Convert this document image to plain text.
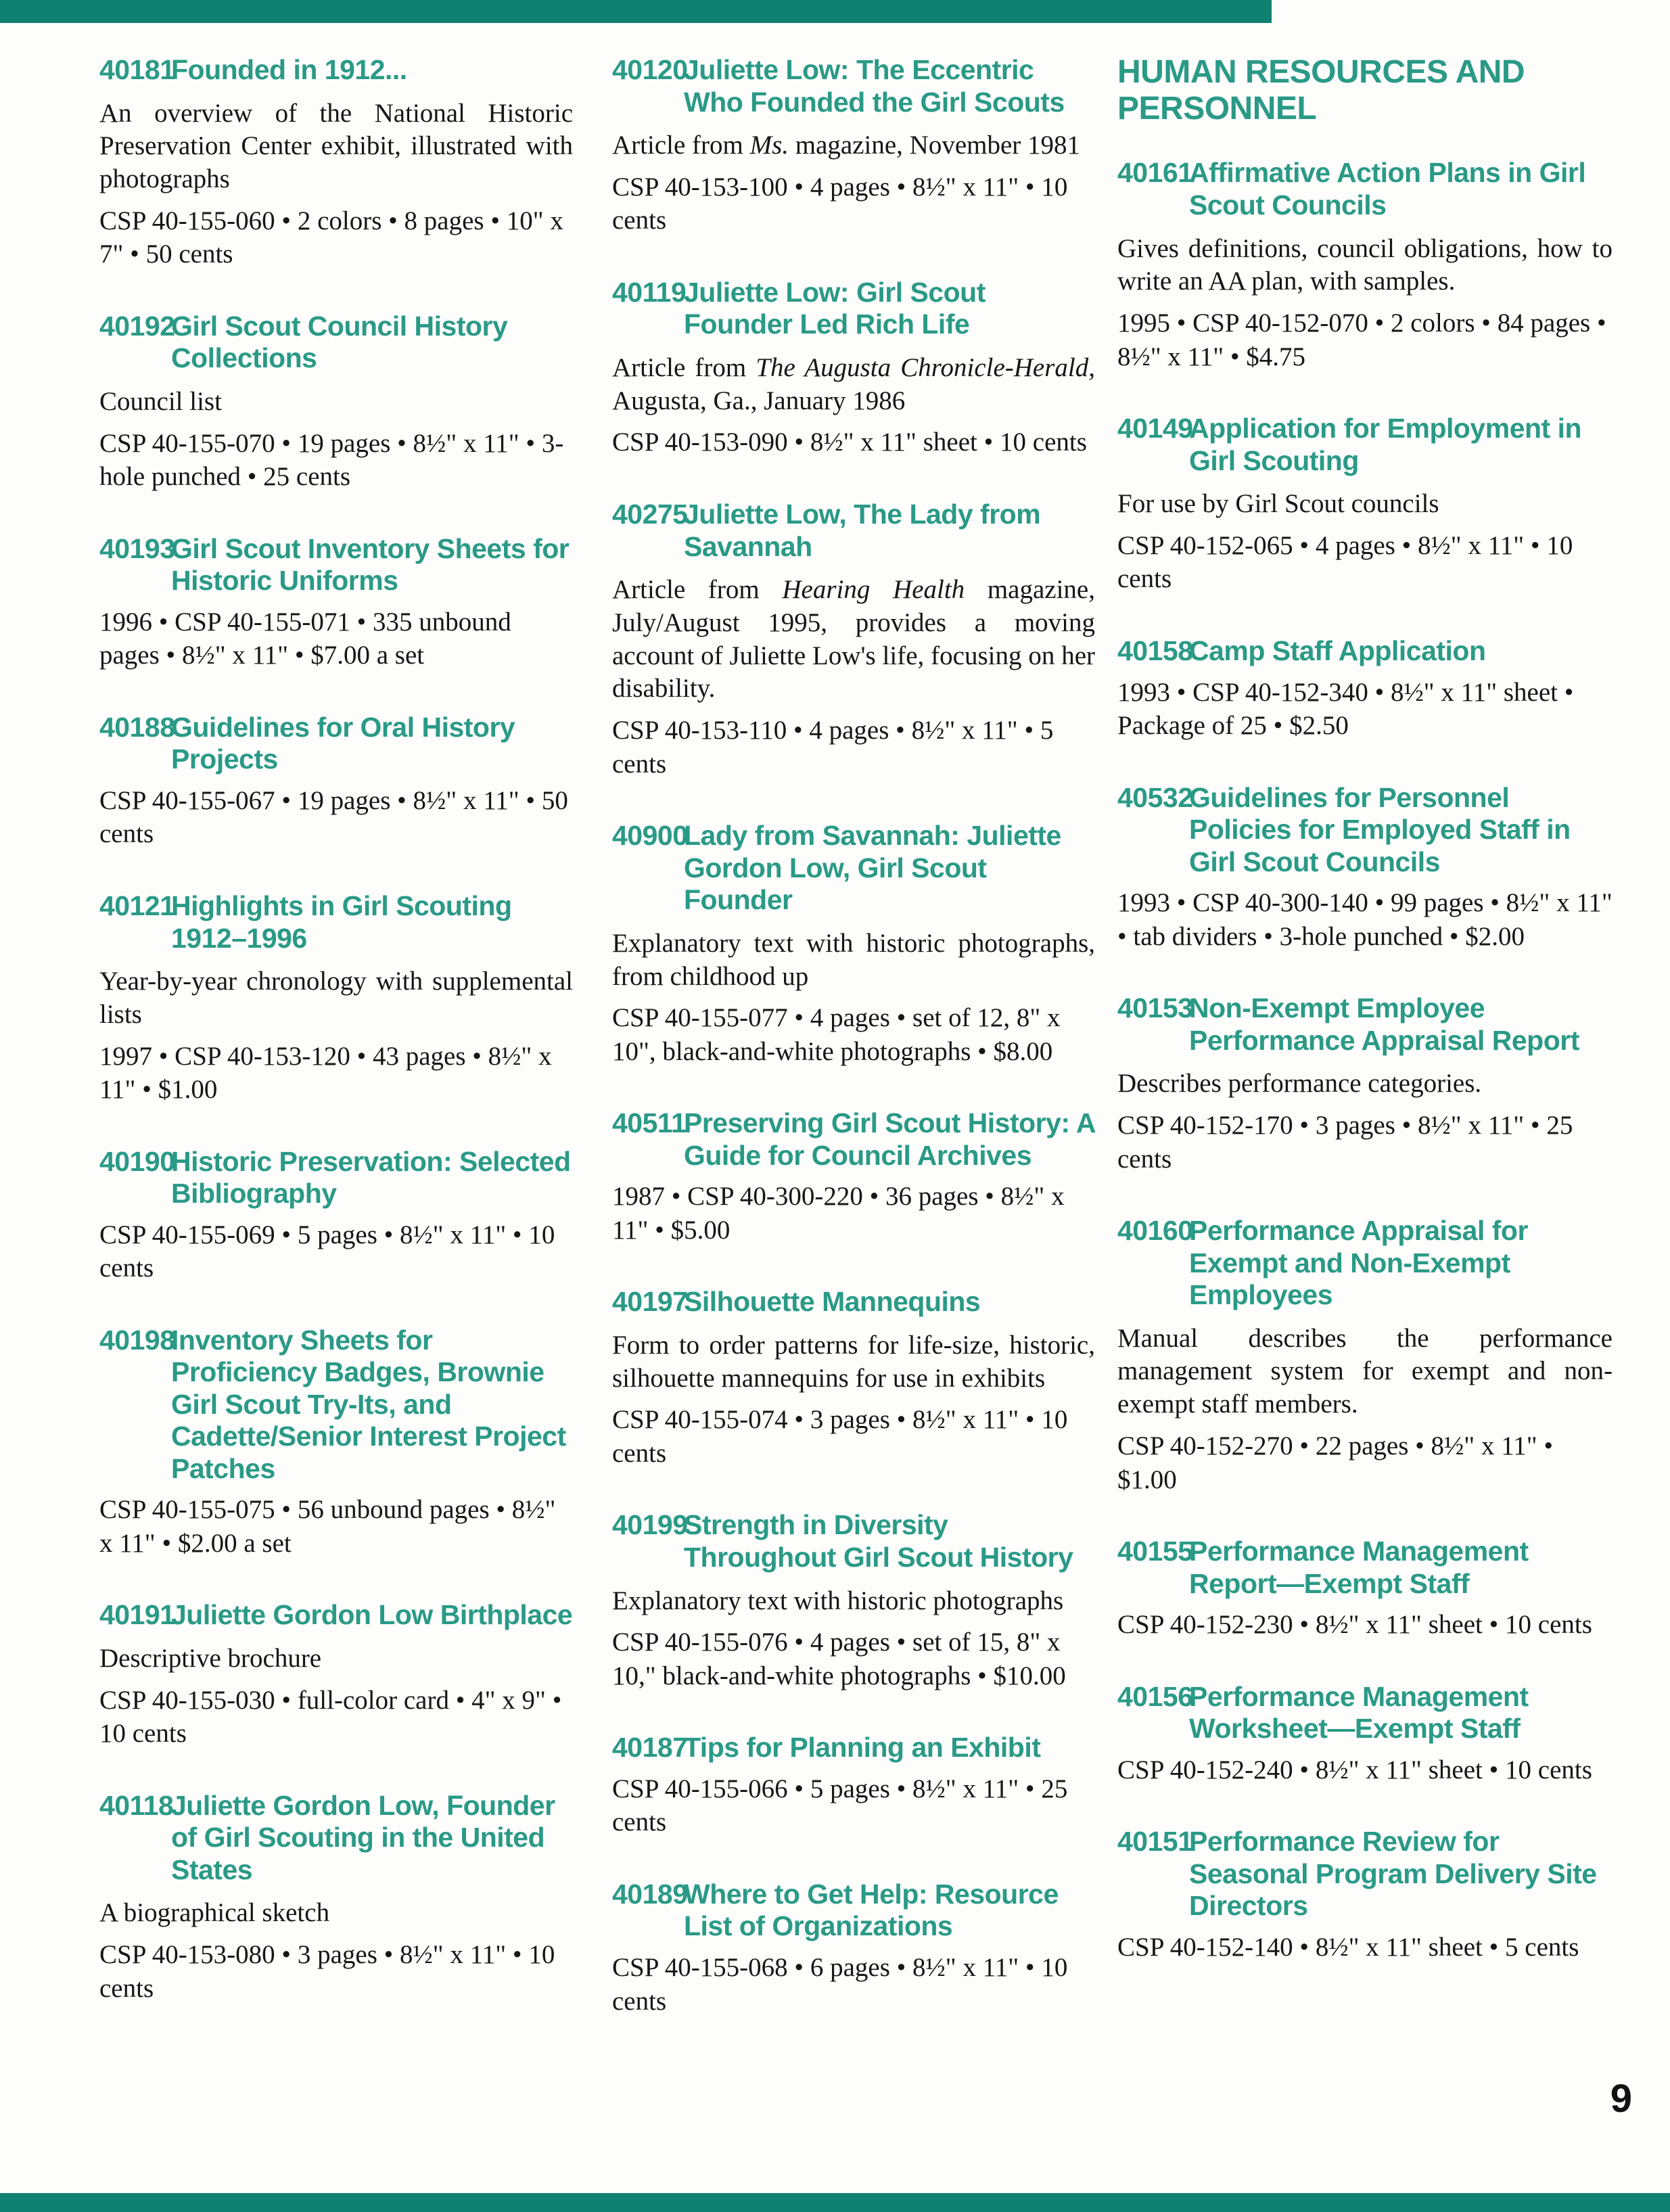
40181
Founded in 1912...

An overview of the National Historic Preservation Center exhibit, illustrated with photographs

CSP 40-155-060 • 2 colors • 8 pages • 10" x 7" • 50 cents

40192
Girl Scout Council History Collections

Council list

CSP 40-155-070 • 19 pages • 8½" x 11" • 3-hole punched • 25 cents

40193
Girl Scout Inventory Sheets for Historic Uniforms

1996 • CSP 40-155-071 • 335 unbound pages • 8½" x 11" • $7.00 a set

40188
Guidelines for Oral History Projects

CSP 40-155-067 • 19 pages • 8½" x 11" • 50 cents

40121
Highlights in Girl Scouting 1912–1996

Year-by-year chronology with supplemental lists

1997 • CSP 40-153-120 • 43 pages • 8½" x 11" • $1.00

40190
Historic Preservation: Selected Bibliography

CSP 40-155-069 • 5 pages • 8½" x 11" • 10 cents

40198
Inventory Sheets for Proficiency Badges, Brownie Girl Scout Try-Its, and Cadette/Senior Interest Project Patches

CSP 40-155-075 • 56 unbound pages • 8½" x 11" • $2.00 a set

40191
Juliette Gordon Low Birthplace

Descriptive brochure

CSP 40-155-030 • full-color card • 4" x 9" • 10 cents

40118
Juliette Gordon Low, Founder of Girl Scouting in the United States

A biographical sketch

CSP 40-153-080 • 3 pages • 8½" x 11" • 10 cents

40120
Juliette Low: The Eccentric Who Founded the Girl Scouts

Article from Ms. magazine, November 1981

CSP 40-153-100 • 4 pages • 8½" x 11" • 10 cents

40119
Juliette Low: Girl Scout Founder Led Rich Life

Article from The Augusta Chronicle-Herald, Augusta, Ga., January 1986

CSP 40-153-090 • 8½" x 11" sheet • 10 cents

40275
Juliette Low, The Lady from Savannah

Article from Hearing Health magazine, July/August 1995, provides a moving account of Juliette Low's life, focusing on her disability.

CSP 40-153-110 • 4 pages • 8½" x 11" • 5 cents

40900
Lady from Savannah: Juliette Gordon Low, Girl Scout Founder

Explanatory text with historic photographs, from childhood up

CSP 40-155-077 • 4 pages • set of 12, 8" x 10", black-and-white photographs • $8.00

40511
Preserving Girl Scout History: A Guide for Council Archives

1987 • CSP 40-300-220 • 36 pages • 8½" x 11" • $5.00

40197
Silhouette Mannequins

Form to order patterns for life-size, historic, silhouette mannequins for use in exhibits

CSP 40-155-074 • 3 pages • 8½" x 11" • 10 cents

40199
Strength in Diversity Throughout Girl Scout History

Explanatory text with historic photographs

CSP 40-155-076 • 4 pages • set of 15, 8" x 10," black-and-white photographs • $10.00

40187
Tips for Planning an Exhibit

CSP 40-155-066 • 5 pages • 8½" x 11" • 25 cents

40189
Where to Get Help: Resource List of Organizations

CSP 40-155-068 • 6 pages • 8½" x 11" • 10 cents

HUMAN RESOURCES AND PERSONNEL
40161
Affirmative Action Plans in Girl Scout Councils

Gives definitions, council obligations, how to write an AA plan, with samples.

1995 • CSP 40-152-070 • 2 colors • 84 pages • 8½" x 11" • $4.75

40149
Application for Employment in Girl Scouting

For use by Girl Scout councils

CSP 40-152-065 • 4 pages • 8½" x 11" • 10 cents

40158
Camp Staff Application

1993 • CSP 40-152-340 • 8½" x 11" sheet • Package of 25 • $2.50

40532
Guidelines for Personnel Policies for Employed Staff in Girl Scout Councils

1993 • CSP 40-300-140 • 99 pages • 8½" x 11" • tab dividers • 3-hole punched • $2.00

40153
Non-Exempt Employee Performance Appraisal Report

Describes performance categories.

CSP 40-152-170 • 3 pages • 8½" x 11" • 25 cents

40160
Performance Appraisal for Exempt and Non-Exempt Employees

Manual describes the performance management system for exempt and non-exempt staff members.

CSP 40-152-270 • 22 pages • 8½" x 11" • $1.00

40155
Performance Management Report—Exempt Staff

CSP 40-152-230 • 8½" x 11" sheet • 10 cents

40156
Performance Management Worksheet—Exempt Staff

CSP 40-152-240 • 8½" x 11" sheet • 10 cents

40151
Performance Review for Seasonal Program Delivery Site Directors

CSP 40-152-140 • 8½" x 11" sheet • 5 cents

9
